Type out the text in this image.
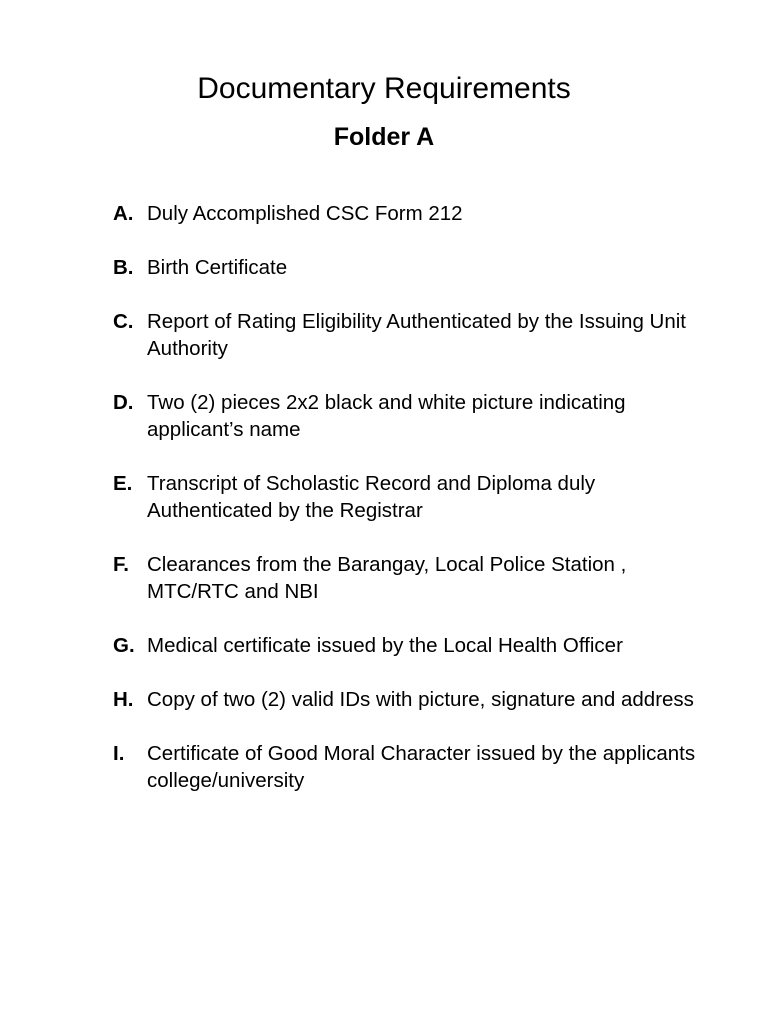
Documentary Requirements
Folder A
A. Duly Accomplished CSC Form 212
B. Birth Certificate
C. Report of Rating Eligibility Authenticated by the Issuing Unit Authority
D. Two (2) pieces 2x2 black and white picture indicating applicant’s name
E. Transcript of Scholastic Record and Diploma duly Authenticated by the Registrar
F. Clearances from the Barangay, Local Police Station , MTC/RTC and NBI
G. Medical certificate issued by the Local Health Officer
H. Copy of two (2) valid IDs with picture, signature and address
I.	Certificate of Good Moral Character issued by the applicants college/university
